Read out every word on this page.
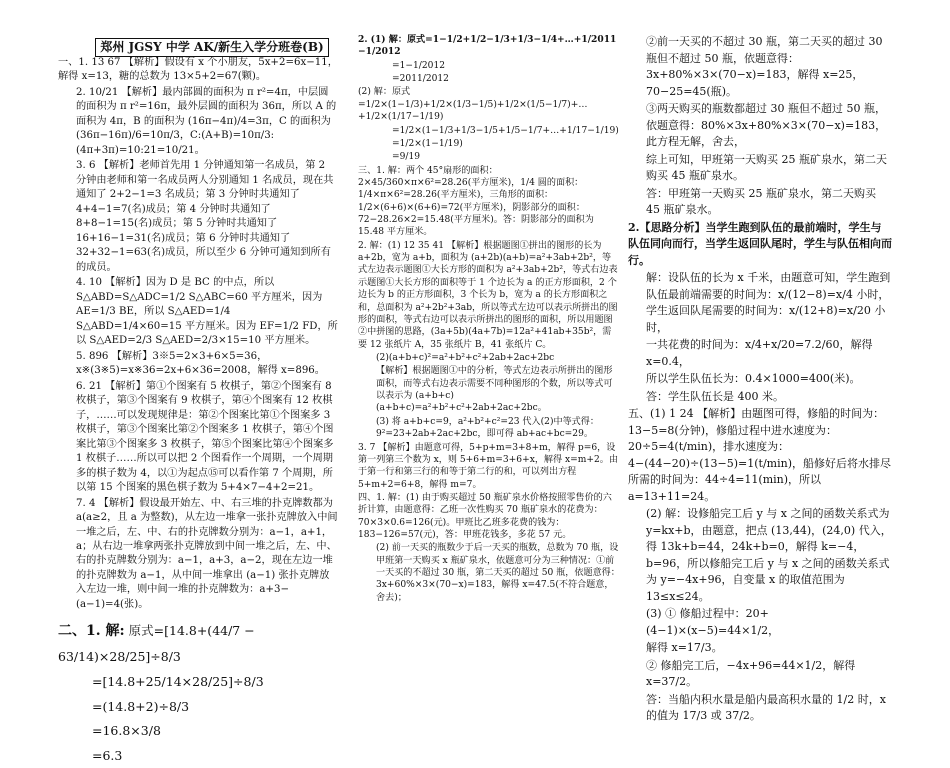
郑州 JGSY 中学 AK/新生入学分班卷(B)

一、1. 13 67 【解析】假设有 x 个小朋友，5x+2=6x−11，解得 x=13，糖的总数为 13×5+2=67(颗)。

2. 10/21 【解析】最内部圆的面积为 π r²=4π，中层圆的面积为 π r²=16π，最外层圆的面积为 36π，所以 A 的面积为 4π，B 的面积为 (16π−4π)/4=3π，C 的面积为 (36π−16π)/6=10π/3，C:(A+B)=10π/3:(4π+3π)=10:21=10/21。

3. 6 【解析】老师首先用 1 分钟通知第一名成员，第 2 分钟由老师和第一名成员两人分别通知 1 名成员，现在共通知了 2+2−1=3 名成员；第 3 分钟时共通知了 4+4−1=7(名)成员；第 4 分钟时共通知了 8+8−1=15(名)成员；第 5 分钟时共通知了 16+16−1=31(名)成员；第 6 分钟时共通知了 32+32−1=63(名)成员，所以至少 6 分钟可通知到所有的成员。

4. 10 【解析】因为 D 是 BC 的中点，所以 S△ABD=S△ADC=1/2 S△ABC=60 平方厘米，因为 AE=1/3 BE，所以 S△AED=1/4 S△ABD=1/4×60=15 平方厘米。因为 EF=1/2 FD，所以 S△AED=2/3 S△AED=2/3×15=10 平方厘米。

5. 896 【解析】3※5=2×3+6×5=36，x※(3※5)=x※36=2x+6×36=2008，解得 x=896。

6. 21 【解析】第①个图案有 5 枚棋子，第②个图案有 8 枚棋子，第③个图案有 9 枚棋子，第④个图案有 12 枚棋子，……可以发现规律是：第②个图案比第①个图案多 3 枚棋子，第③个图案比第②个图案多 1 枚棋子，第④个图案比第③个图案多 3 枚棋子，第⑤个图案比第④个图案多 1 枚棋子……所以可以把 2 个图看作一个周期，一个周期多的棋子数为 4，以①为起点⑮可以看作第 7 个周期，所以第 15 个图案的黑色棋子数为 5+4×7−4+2=21。

7. 4 【解析】假设最开始左、中、右三堆的扑克牌数都为 a(a≥2，且 a 为整数)，从左边一堆拿一张扑克牌放入中间一堆之后，左、中、右的扑克牌数分别为：a−1，a+1，a；从右边一堆拿两张扑克牌放到中间一堆之后，左、中、右的扑克牌数分别为：a−1，a+3，a−2，现在左边一堆的扑克牌数为 a−1，从中间一堆拿出 (a−1) 张扑克牌放入左边一堆，则中间一堆的扑克牌数为：a+3−(a−1)=4(张)。

二、1. 解: 原式=[14.8+(44/7 − 63/14)×28/25]÷8/3

=[14.8+25/14×28/25]÷8/3

=(14.8+2)÷8/3

=16.8×3/8

=6.3

2. (1) 解：原式=1−1/2+1/2−1/3+1/3−1/4+…+1/2011 −1/2012

=1−1/2012

=2011/2012

(2) 解：原式=1/2×(1−1/3)+1/2×(1/3−1/5)+1/2×(1/5−1/7)+…+1/2×(1/17−1/19)

=1/2×(1−1/3+1/3−1/5+1/5−1/7+…+1/17−1/19)

=1/2×(1−1/19)

=9/19

三、1. 解：两个 45°扇形的面积：2×45/360×π×6²=28.26(平方厘米)，1/4 圆的面积：1/4×π×6²=28.26(平方厘米)，三角形的面积：1/2×(6+6)×(6+6)=72(平方厘米)，阴影部分的面积：72−28.26×2=15.48(平方厘米)。答：阴影部分的面积为 15.48 平方厘米。

2. 解：(1) 12 35 41 【解析】根据题图①拼出的图形的长为 a+2b，宽为 a+b，面积为 (a+2b)(a+b)=a²+3ab+2b²，等式左边表示题图①大长方形的面积为 a²+3ab+2b²，等式右边表示题图①大长方形的面积等于 1 个边长为 a 的正方形面积，2 个边长为 b 的正方形面积，3 个长为 b，宽为 a 的长方形面积之和，总面积为 a²+2b²+3ab，所以等式左边可以表示所拼出的图形的面积，等式右边可以表示所拼出的图形的面积，所以用题图②中拼图的思路，(3a+5b)(4a+7b)=12a²+41ab+35b²，需要 12 张纸片 A，35 张纸片 B，41 张纸片 C。

(2)(a+b+c)²=a²+b²+c²+2ab+2ac+2bc

【解析】根据题图①中的分析，等式左边表示所拼出的图形面积，而等式右边表示需要不同种图形的个数，所以等式可以表示为 (a+b+c)(a+b+c)=a²+b²+c²+2ab+2ac+2bc。

(3) 将 a+b+c=9，a²+b²+c²=23 代入(2)中等式得：9²=23+2ab+2ac+2bc，即可得 ab+ac+bc=29。

3. 7 【解析】由题意可得，5+p+m=3+8+m，解得 p=6，设第一列第三个数为 x，则 5+6+m=3+6+x，解得 x=m+2。由于第一行和第三行的和等于第二行的和，可以列出方程 5+m+2=6+8，解得 m=7。

四、1. 解：(1) 由于购买超过 50 瓶矿泉水价格按照零售价的六折计算，由题意得：乙班一次性购买 70 瓶矿泉水的花费为：70×3×0.6=126(元)。甲班比乙班多花费的钱为：183−126=57(元)，答：甲班花钱多，多花 57 元。

(2) 前一天买的瓶数少于后一天买的瓶数，总数为 70 瓶，设甲班第一天购买 x 瓶矿泉水，依题意可分为三种情况：①前一天买的不超过 30 瓶，第二天买的超过 50 瓶，依题意得：3x+60%×3×(70−x)=183，解得 x=47.5(不符合题意，舍去)；

②前一天买的不超过 30 瓶，第二天买的超过 30 瓶但不超过 50 瓶，依题意得：3x+80%×3×(70−x)=183，解得 x=25，70−25=45(瓶)。

③两天购买的瓶数都超过 30 瓶但不超过 50 瓶，依题意得：80%×3x+80%×3×(70−x)=183，此方程无解，舍去，

综上可知，甲班第一天购买 25 瓶矿泉水，第二天购买 45 瓶矿泉水。

答：甲班第一天购买 25 瓶矿泉水，第二天购买 45 瓶矿泉水。

2.【思路分析】当学生跑到队伍的最前端时，学生与队伍同向而行，当学生返回队尾时，学生与队伍相向而行。

解：设队伍的长为 x 千米，由题意可知，学生跑到队伍最前端需要的时间为：x/(12−8)=x/4 小时，学生返回队尾需要的时间为：x/(12+8)=x/20 小时，

一共花费的时间为：x/4+x/20=7.2/60，解得 x=0.4，

所以学生队伍长为：0.4×1000=400(米)。

答：学生队伍长是 400 米。

五、(1) 1 24 【解析】由题图可得，修船的时间为：13−5=8(分钟)，修船过程中进水速度为：20÷5=4(t/min)，排水速度为：4−(44−20)÷(13−5)=1(t/min)，船修好后将水排尽所需的时间为：44÷4=11(min)，所以 a=13+11=24。

(2) 解：设修船完工后 y 与 x 之间的函数关系式为 y=kx+b，由题意，把点 (13,44)，(24,0) 代入，得 13k+b=44，24k+b=0，解得 k=−4，b=96，所以修船完工后 y 与 x 之间的函数关系式为 y=−4x+96，自变量 x 的取值范围为 13≤x≤24。

(3) ① 修船过程中：20+(4−1)×(x−5)=44×1/2，

解得 x=17/3。

② 修船完工后，−4x+96=44×1/2，解得 x=37/2。

答：当船内积水量是船内最高积水量的 1/2 时，x 的值为 17/3 或 37/2。
